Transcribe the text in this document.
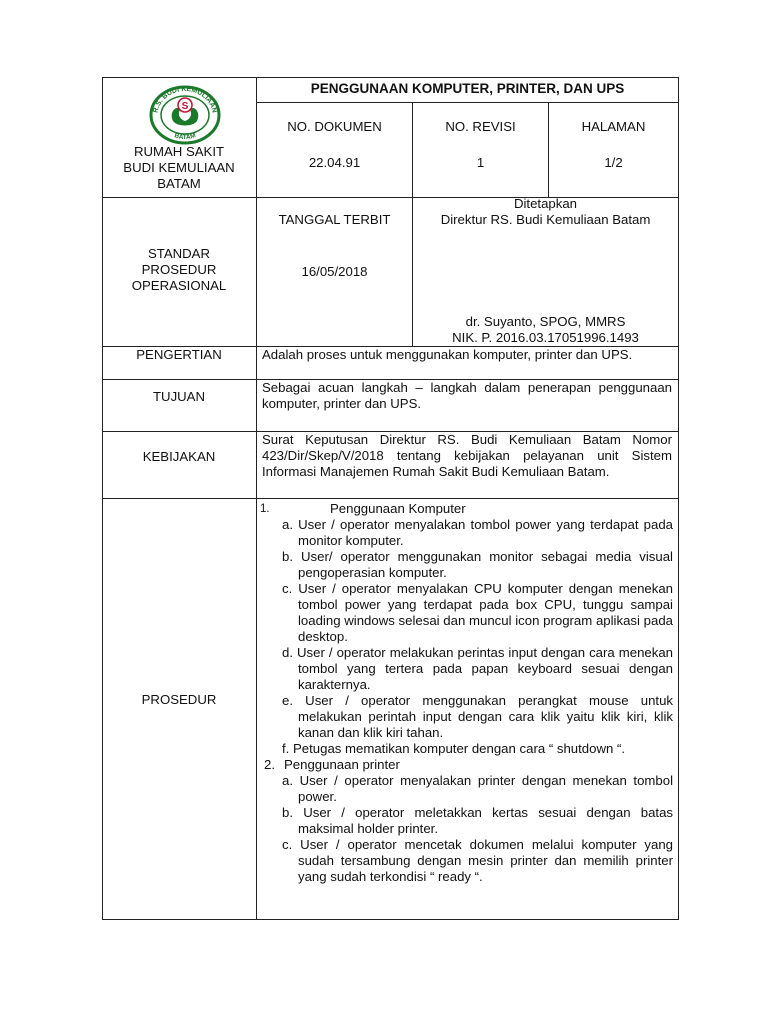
R.S. BUDI KEMULIAAN
BATAM
S
RUMAH SAKIT
BUDI KEMULIAAN
BATAM
PENGGUNAAN KOMPUTER, PRINTER, DAN UPS
NO. DOKUMEN
22.04.91
NO. REVISI
1
HALAMAN
1/2
STANDAR
PROSEDUR
OPERASIONAL
TANGGAL TERBIT
16/05/2018
Ditetapkan
Direktur RS. Budi Kemuliaan Batam
dr. Suyanto, SPOG, MMRS
NIK. P. 2016.03.17051996.1493
PENGERTIAN	Adalah proses untuk menggunakan komputer, printer dan UPS.
TUJUAN
Sebagai acuan langkah – langkah dalam penerapan penggunaan komputer, printer dan UPS.
KEBIJAKAN
Surat Keputusan Direktur RS. Budi Kemuliaan Batam Nomor 423/Dir/Skep/V/2018 tentang kebijakan pelayanan unit Sistem Informasi Manajemen Rumah Sakit Budi Kemuliaan Batam.
PROSEDUR
1.	Penggunaan Komputer
a. User / operator menyalakan tombol power yang terdapat pada monitor komputer.
b. User/ operator menggunakan monitor sebagai media visual pengoperasian komputer.
c. User / operator menyalakan CPU komputer dengan menekan tombol power yang terdapat pada box CPU, tunggu sampai loading windows selesai dan muncul icon program aplikasi pada desktop.
d. User / operator melakukan perintas input dengan cara menekan tombol yang tertera pada papan keyboard sesuai dengan karakternya.
e. User / operator menggunakan perangkat mouse untuk melakukan perintah input dengan cara klik yaitu klik kiri, klik kanan dan klik kiri tahan.
f. Petugas mematikan komputer dengan cara “ shutdown “.
2. Penggunaan printer
a. User / operator menyalakan printer dengan menekan tombol power.
b. User / operator meletakkan kertas sesuai dengan batas maksimal holder printer.
c. User / operator mencetak dokumen melalui komputer yang sudah tersambung dengan mesin printer dan memilih printer yang sudah terkondisi “ ready “.
